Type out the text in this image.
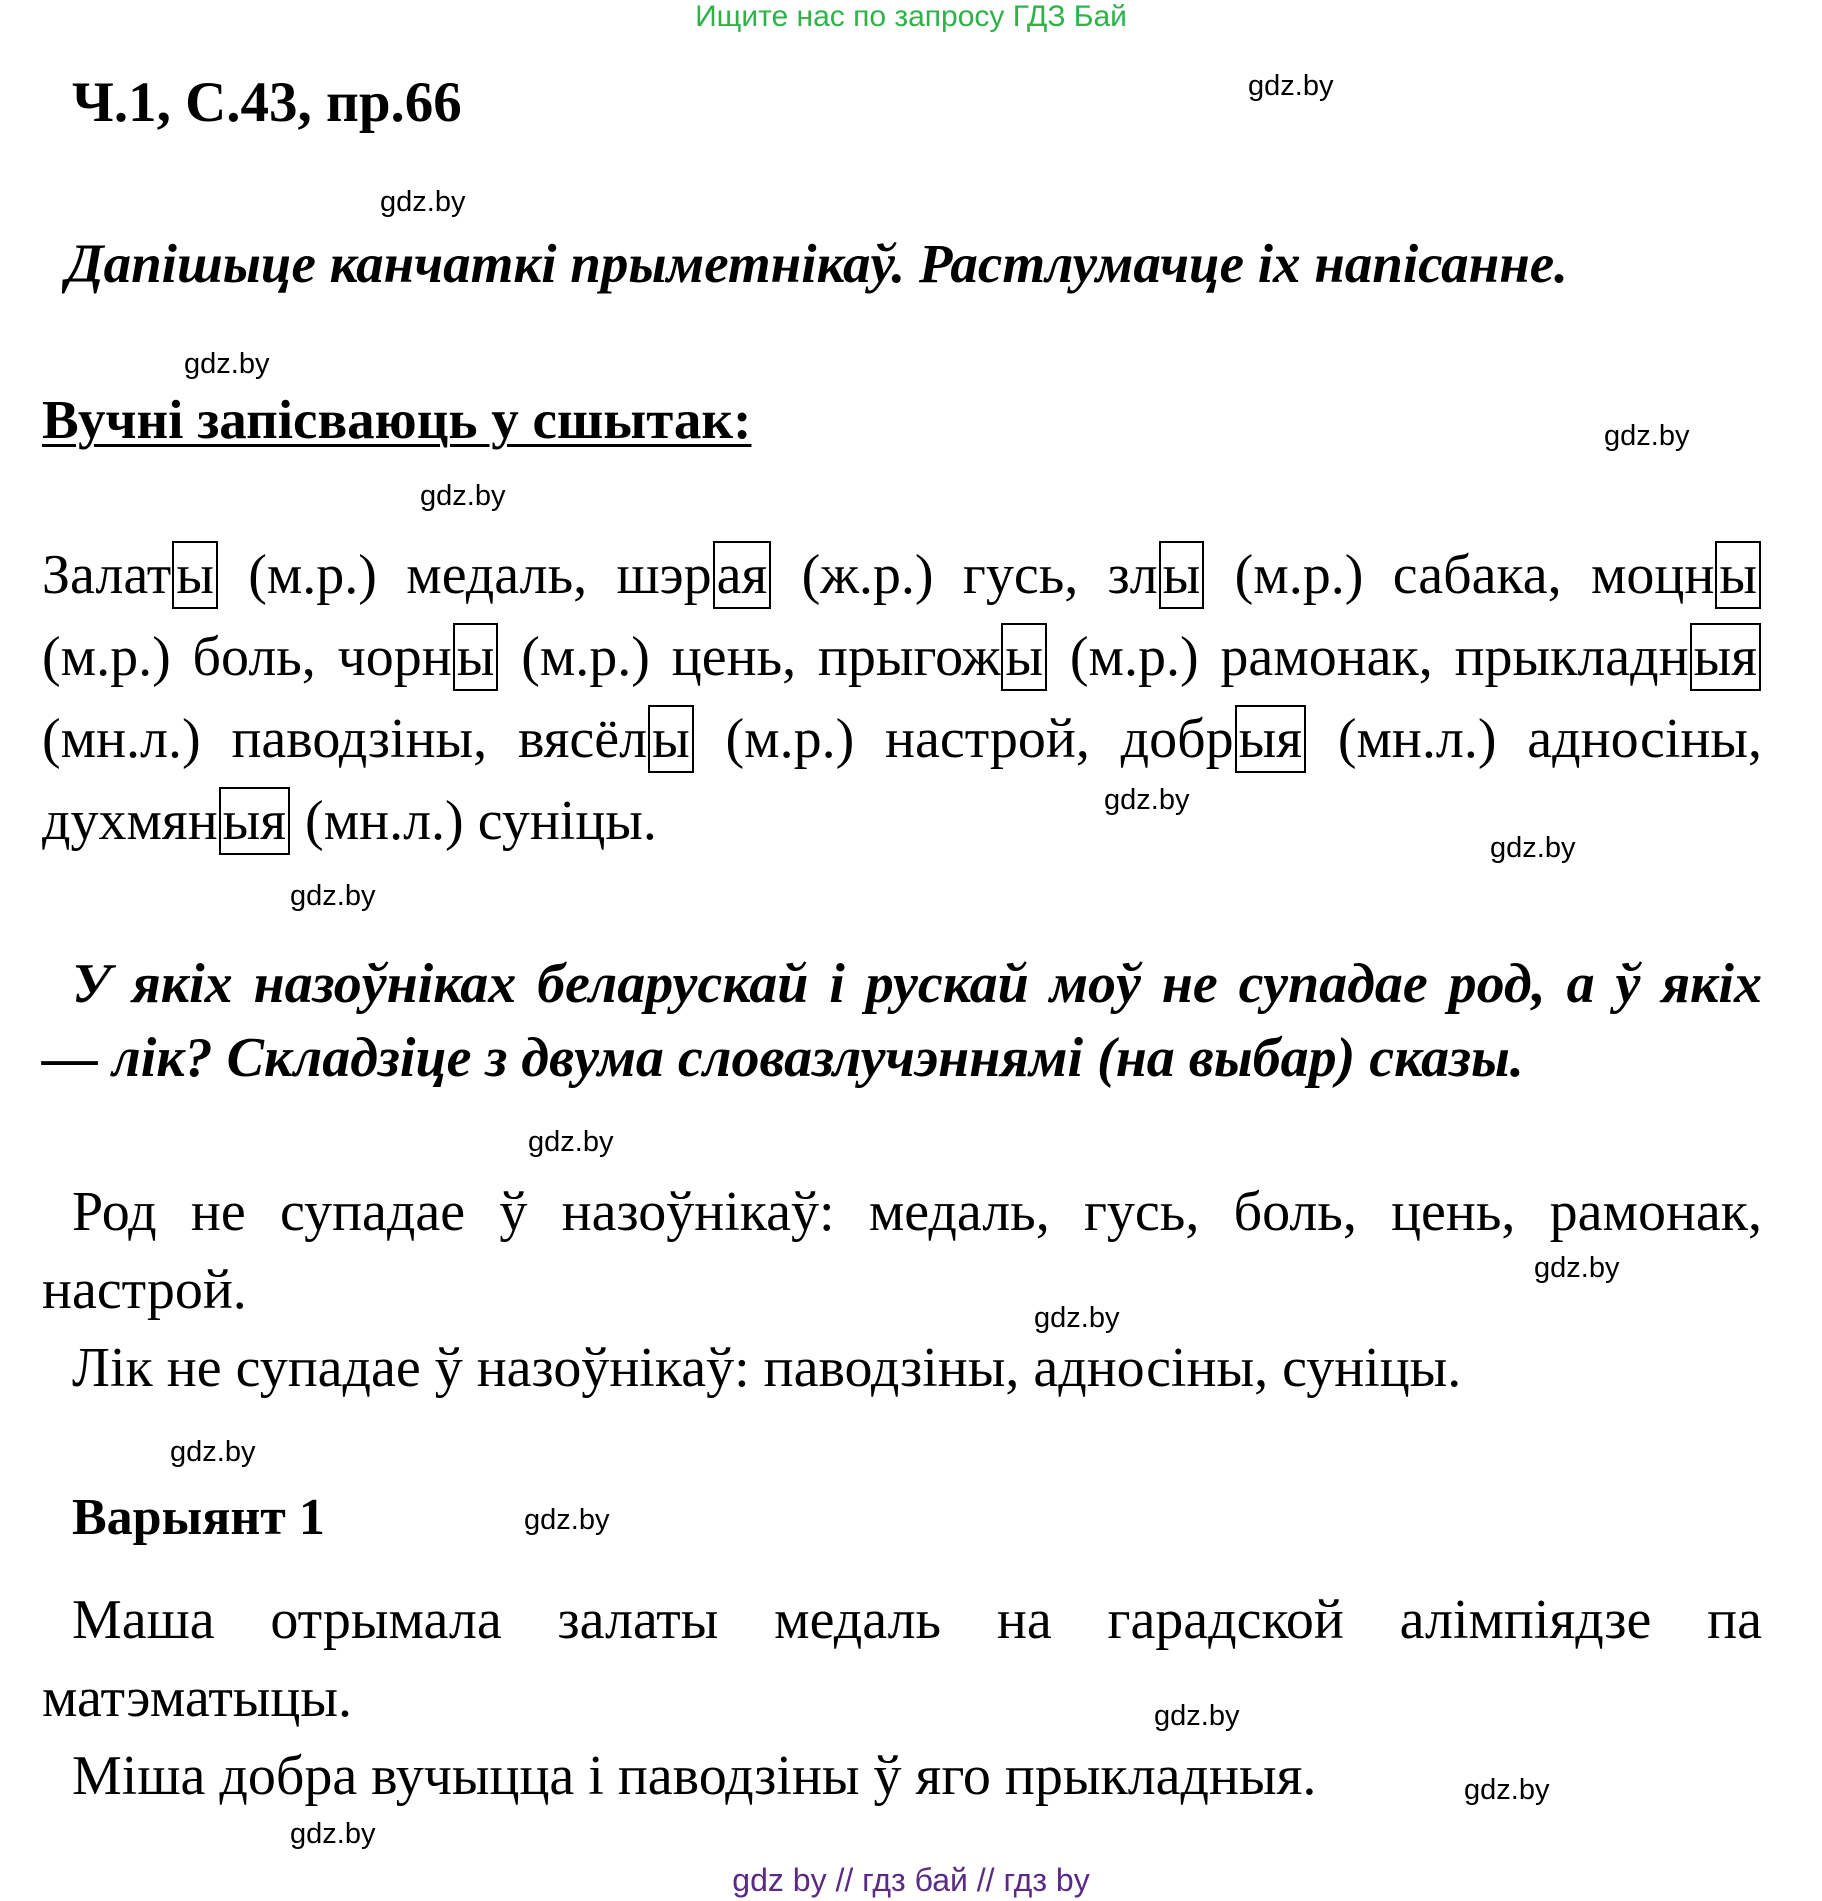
Ищите нас по запросу ГДЗ Бай
Ч.1, С.43, пр.66
Дапішыце канчаткі прыметнікаў. Растлумачце іх напісанне.
Вучні запісваюць у сшытак:
Залаты (м.р.) медаль, шэрая (ж.р.) гусь, злы (м.р.) сабака, моцны (м.р.) боль, чорны (м.р.) цень, прыгожы (м.р.) рамонак, прыкладныя (мн.л.) паводзіны, вясёлы (м.р.) настрой, добрыя (мн.л.) адносіны, духмяныя (мн.л.) суніцы.
У якіх назоўніках беларускай і рускай моў не супадае род, а ў якіх
— лік? Складзіце з двума словазлучэннямі (на выбар) сказы.
Род не супадае ў назоўнікаў: медаль, гусь, боль, цень, рамонак,
настрой.
Лік не супадае ў назоўнікаў: паводзіны, адносіны, суніцы.
Варыянт 1
Маша отрымала залаты медаль на гарадской алімпіядзе па
матэматыцы.
Міша добра вучыцца і паводзіны ў яго прыкладныя.
gdz.by
gdz.by
gdz.by
gdz.by
gdz.by
gdz.by
gdz.by
gdz.by
gdz.by
gdz.by
gdz.by
gdz.by
gdz.by
gdz.by
gdz.by
gdz.by
gdz by // гдз бай // гдз by
